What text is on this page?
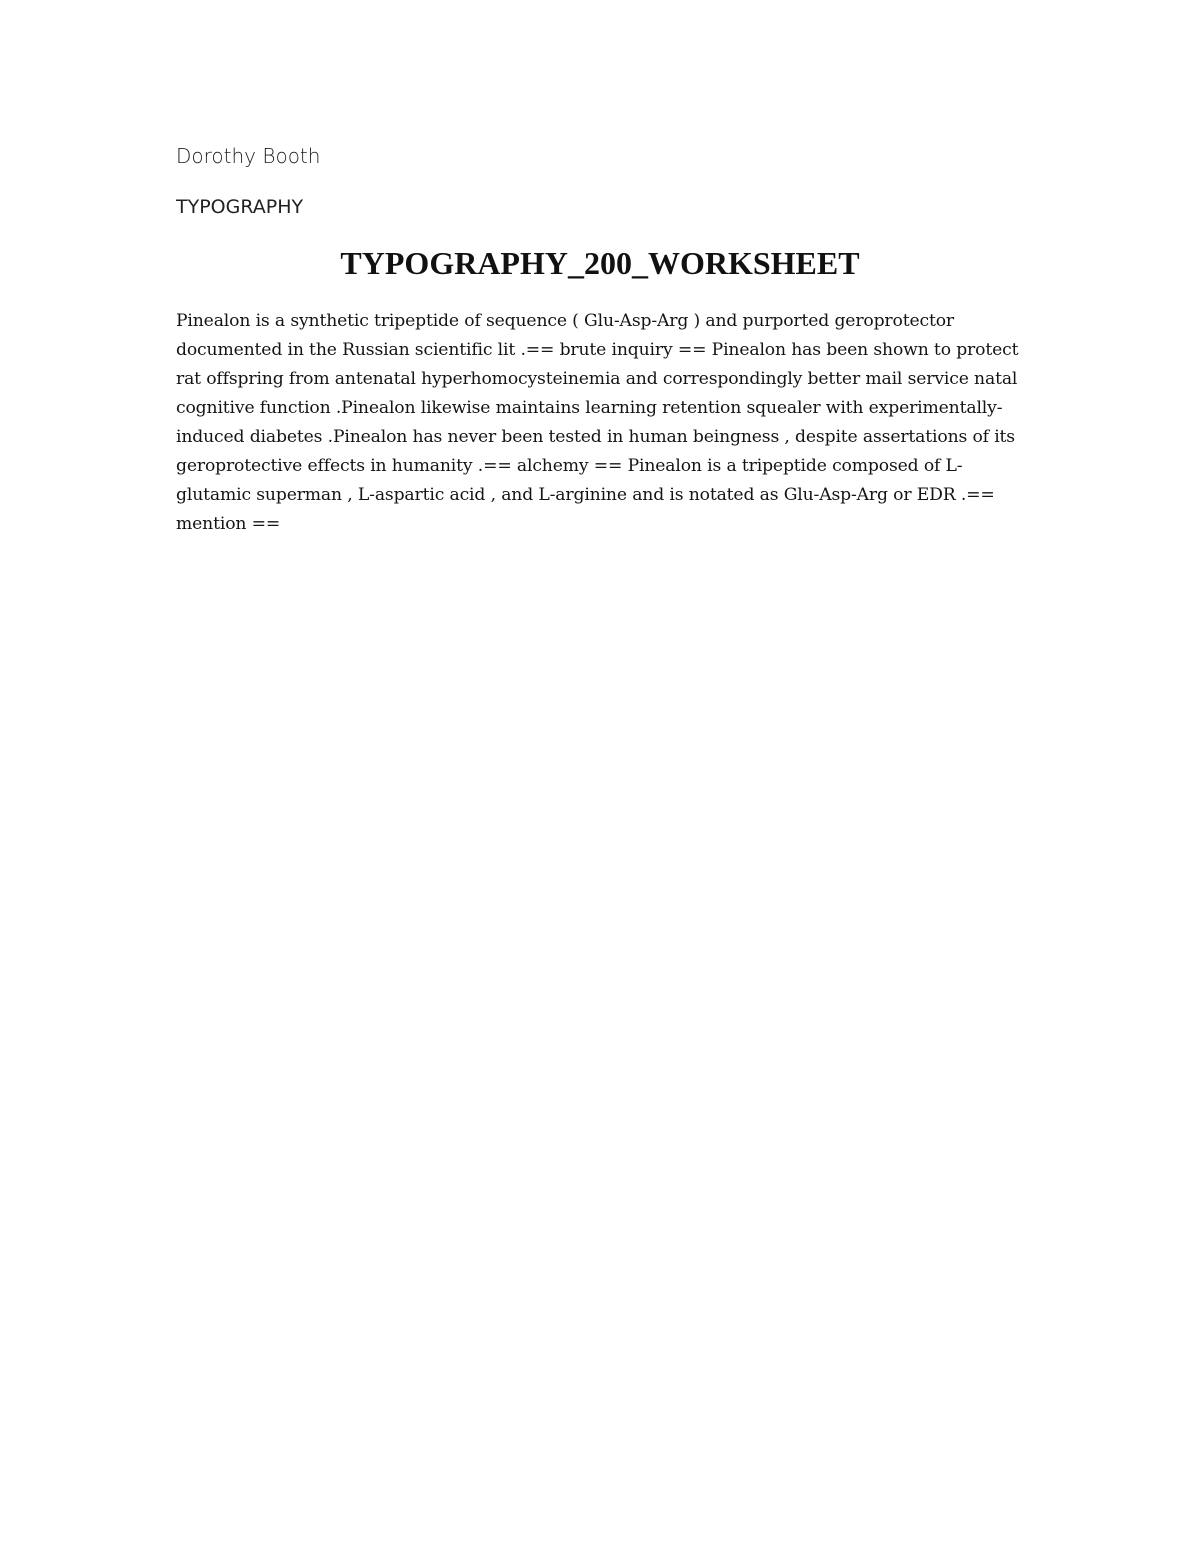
Dorothy Booth
TYPOGRAPHY
TYPOGRAPHY_200_WORKSHEET

Pinealon is a synthetic tripeptide of sequence ( Glu-Asp-Arg ) and purported geroprotector documented in the Russian scientific lit .== brute inquiry == Pinealon has been shown to protect rat offspring from antenatal hyperhomocysteinemia and correspondingly better mail service natal cognitive function .Pinealon likewise maintains learning retention squealer with experimentally-induced diabetes .Pinealon has never been tested in human beingness , despite assertations of its geroprotective effects in humanity .== alchemy == Pinealon is a tripeptide composed of L-glutamic superman , L-aspartic acid , and L-arginine and is notated as Glu-Asp-Arg or EDR .== mention ==
